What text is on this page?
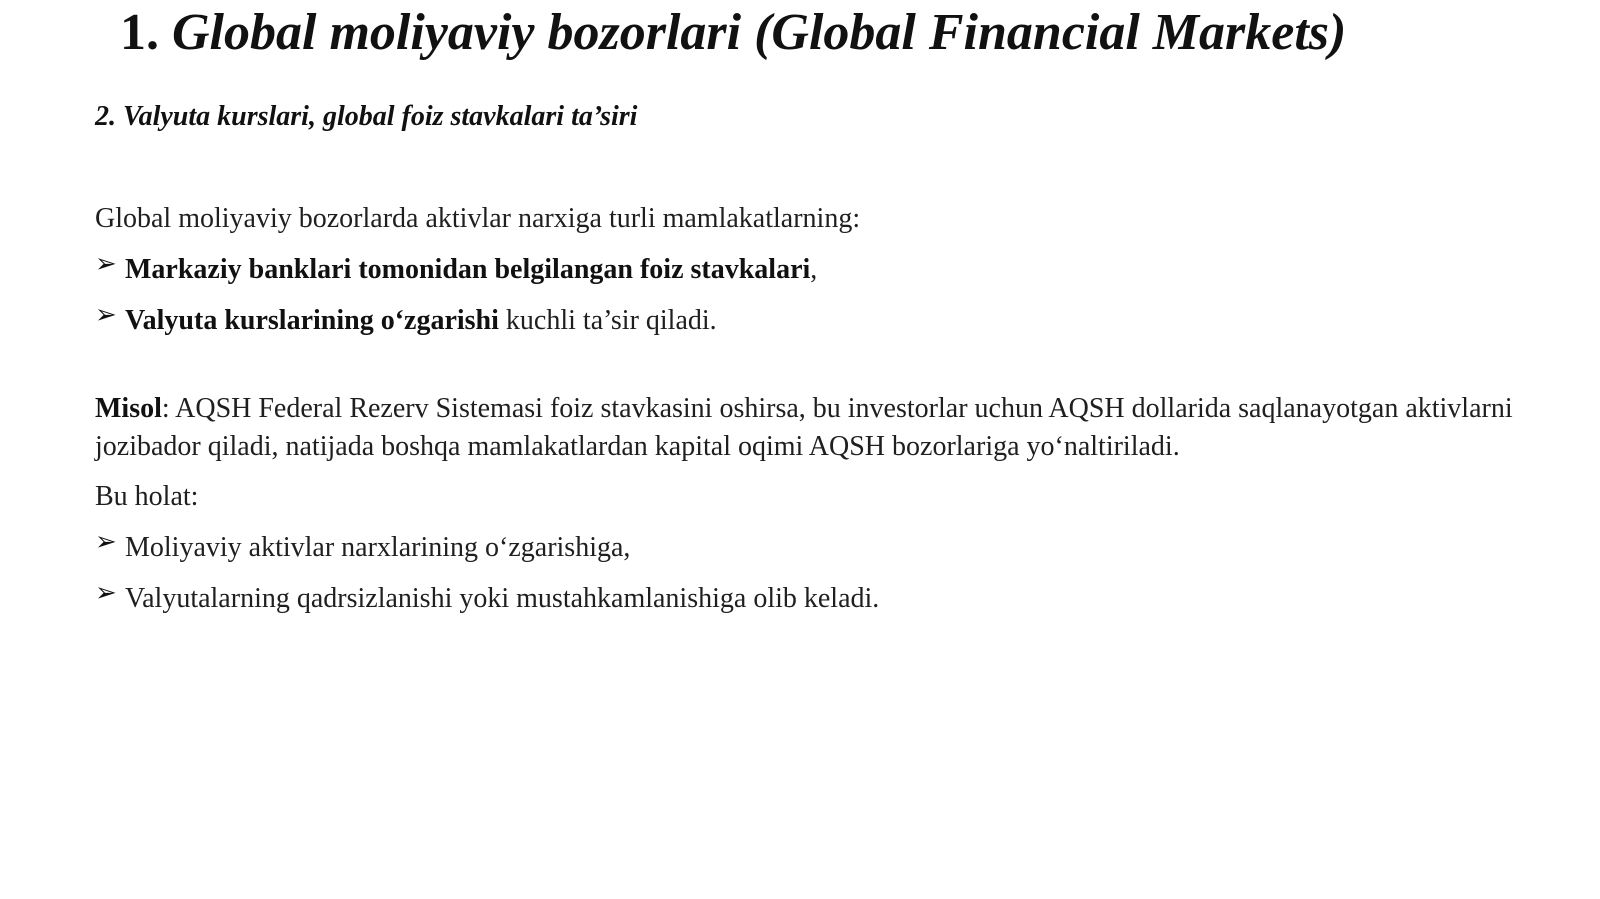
1. Global moliyaviy bozorlari (Global Financial Markets)
2. Valyuta kurslari, global foiz stavkalari ta’siri

Global moliyaviy bozorlarda aktivlar narxiga turli mamlakatlarning:

➢ Markaziy banklari tomonidan belgilangan foiz stavkalari,
➢ Valyuta kurslarining o‘zgarishi kuchli ta’sir qiladi.

Misol: AQSH Federal Rezerv Sistemasi foiz stavkasini oshirsa, bu investorlar uchun AQSH dollarida saqlanayotgan aktivlarni jozibador qiladi, natijada boshqa mamlakatlardan kapital oqimi AQSH bozorlariga yo‘naltiriladi.

Bu holat:

➢ Moliyaviy aktivlar narxlarining o‘zgarishiga,
➢ Valyutalarning qadrsizlanishi yoki mustahkamlanishiga olib keladi.
